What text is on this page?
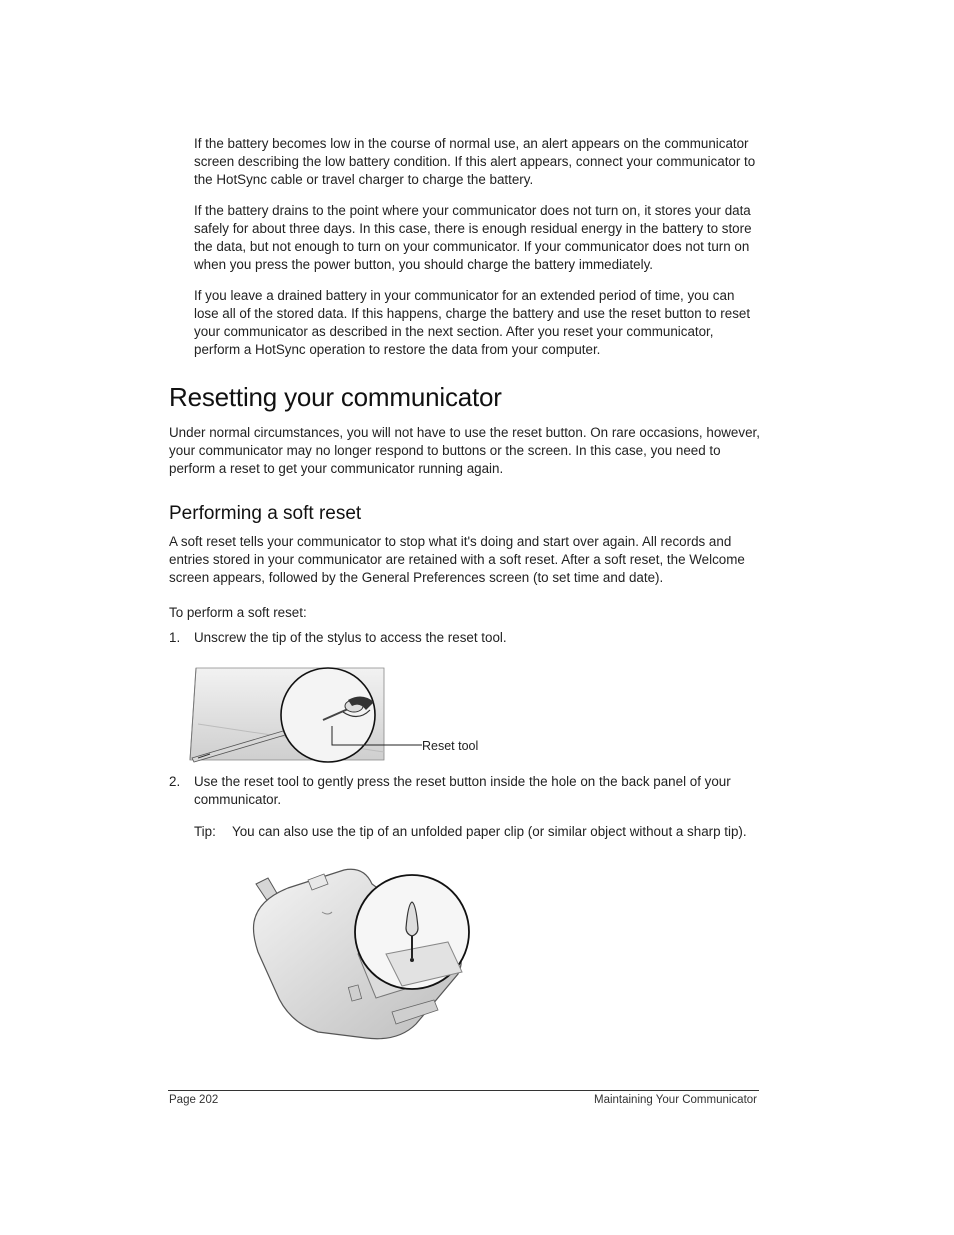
If the battery becomes low in the course of normal use, an alert appears on the communicator screen describing the low battery condition. If this alert appears, connect your communicator to the HotSync cable or travel charger to charge the battery.

If the battery drains to the point where your communicator does not turn on, it stores your data safely for about three days. In this case, there is enough residual energy in the battery to store the data, but not enough to turn on your communicator. If your communicator does not turn on when you press the power button, you should charge the battery immediately.

If you leave a drained battery in your communicator for an extended period of time, you can lose all of the stored data. If this happens, charge the battery and use the reset button to reset your communicator as described in the next section. After you reset your communicator, perform a HotSync operation to restore the data from your computer.

Resetting your communicator

Under normal circumstances, you will not have to use the reset button. On rare occasions, however, your communicator may no longer respond to buttons or the screen. In this case, you need to perform a reset to get your communicator running again.

Performing a soft reset

A soft reset tells your communicator to stop what it's doing and start over again. All records and entries stored in your communicator are retained with a soft reset. After a soft reset, the Welcome screen appears, followed by the General Preferences screen (to set time and date).

To perform a soft reset:
1. Unscrew the tip of the stylus to access the reset tool.
Reset tool
2. Use the reset tool to gently press the reset button inside the hole on the back panel of your communicator.
Tip: You can also use the tip of an unfolded paper clip (or similar object without a sharp tip).
Page 202	Maintaining Your Communicator
